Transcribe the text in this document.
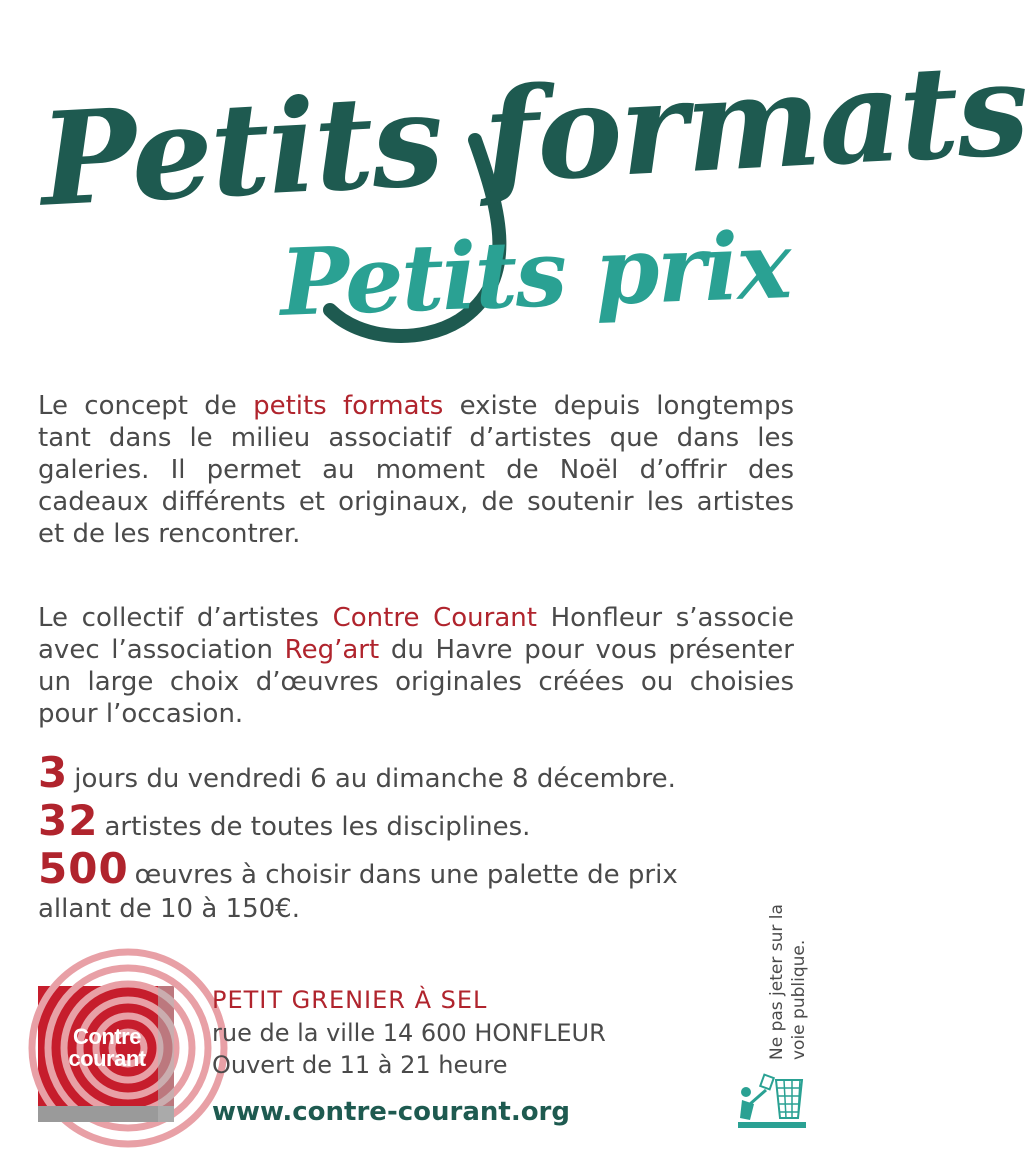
Petits formats
Petits prix

Le concept de petits formats existe depuis longtemps tant dans le milieu associatif d’artistes que dans les galeries. Il permet au moment de Noël d’offrir des cadeaux différents et originaux, de soutenir les artistes et de les rencontrer.

Le collectif d’artistes Contre Courant Honfleur s’associe avec l’association Reg’art du Havre pour vous présenter un large choix d’œuvres originales créées ou choisies pour l’occasion.

3 jours du vendredi 6 au dimanche 8 décembre.

32 artistes de toutes les disciplines.

500 œuvres à choisir dans une palette de prix allant de 10 à 150€.	Ne pas jeter sur la voie publique.
Contre
courant

PETIT GRENIER À SEL

rue de la ville 14 600 HONFLEUR

Ouvert de 11 à 21 heure

www.contre-courant.org
